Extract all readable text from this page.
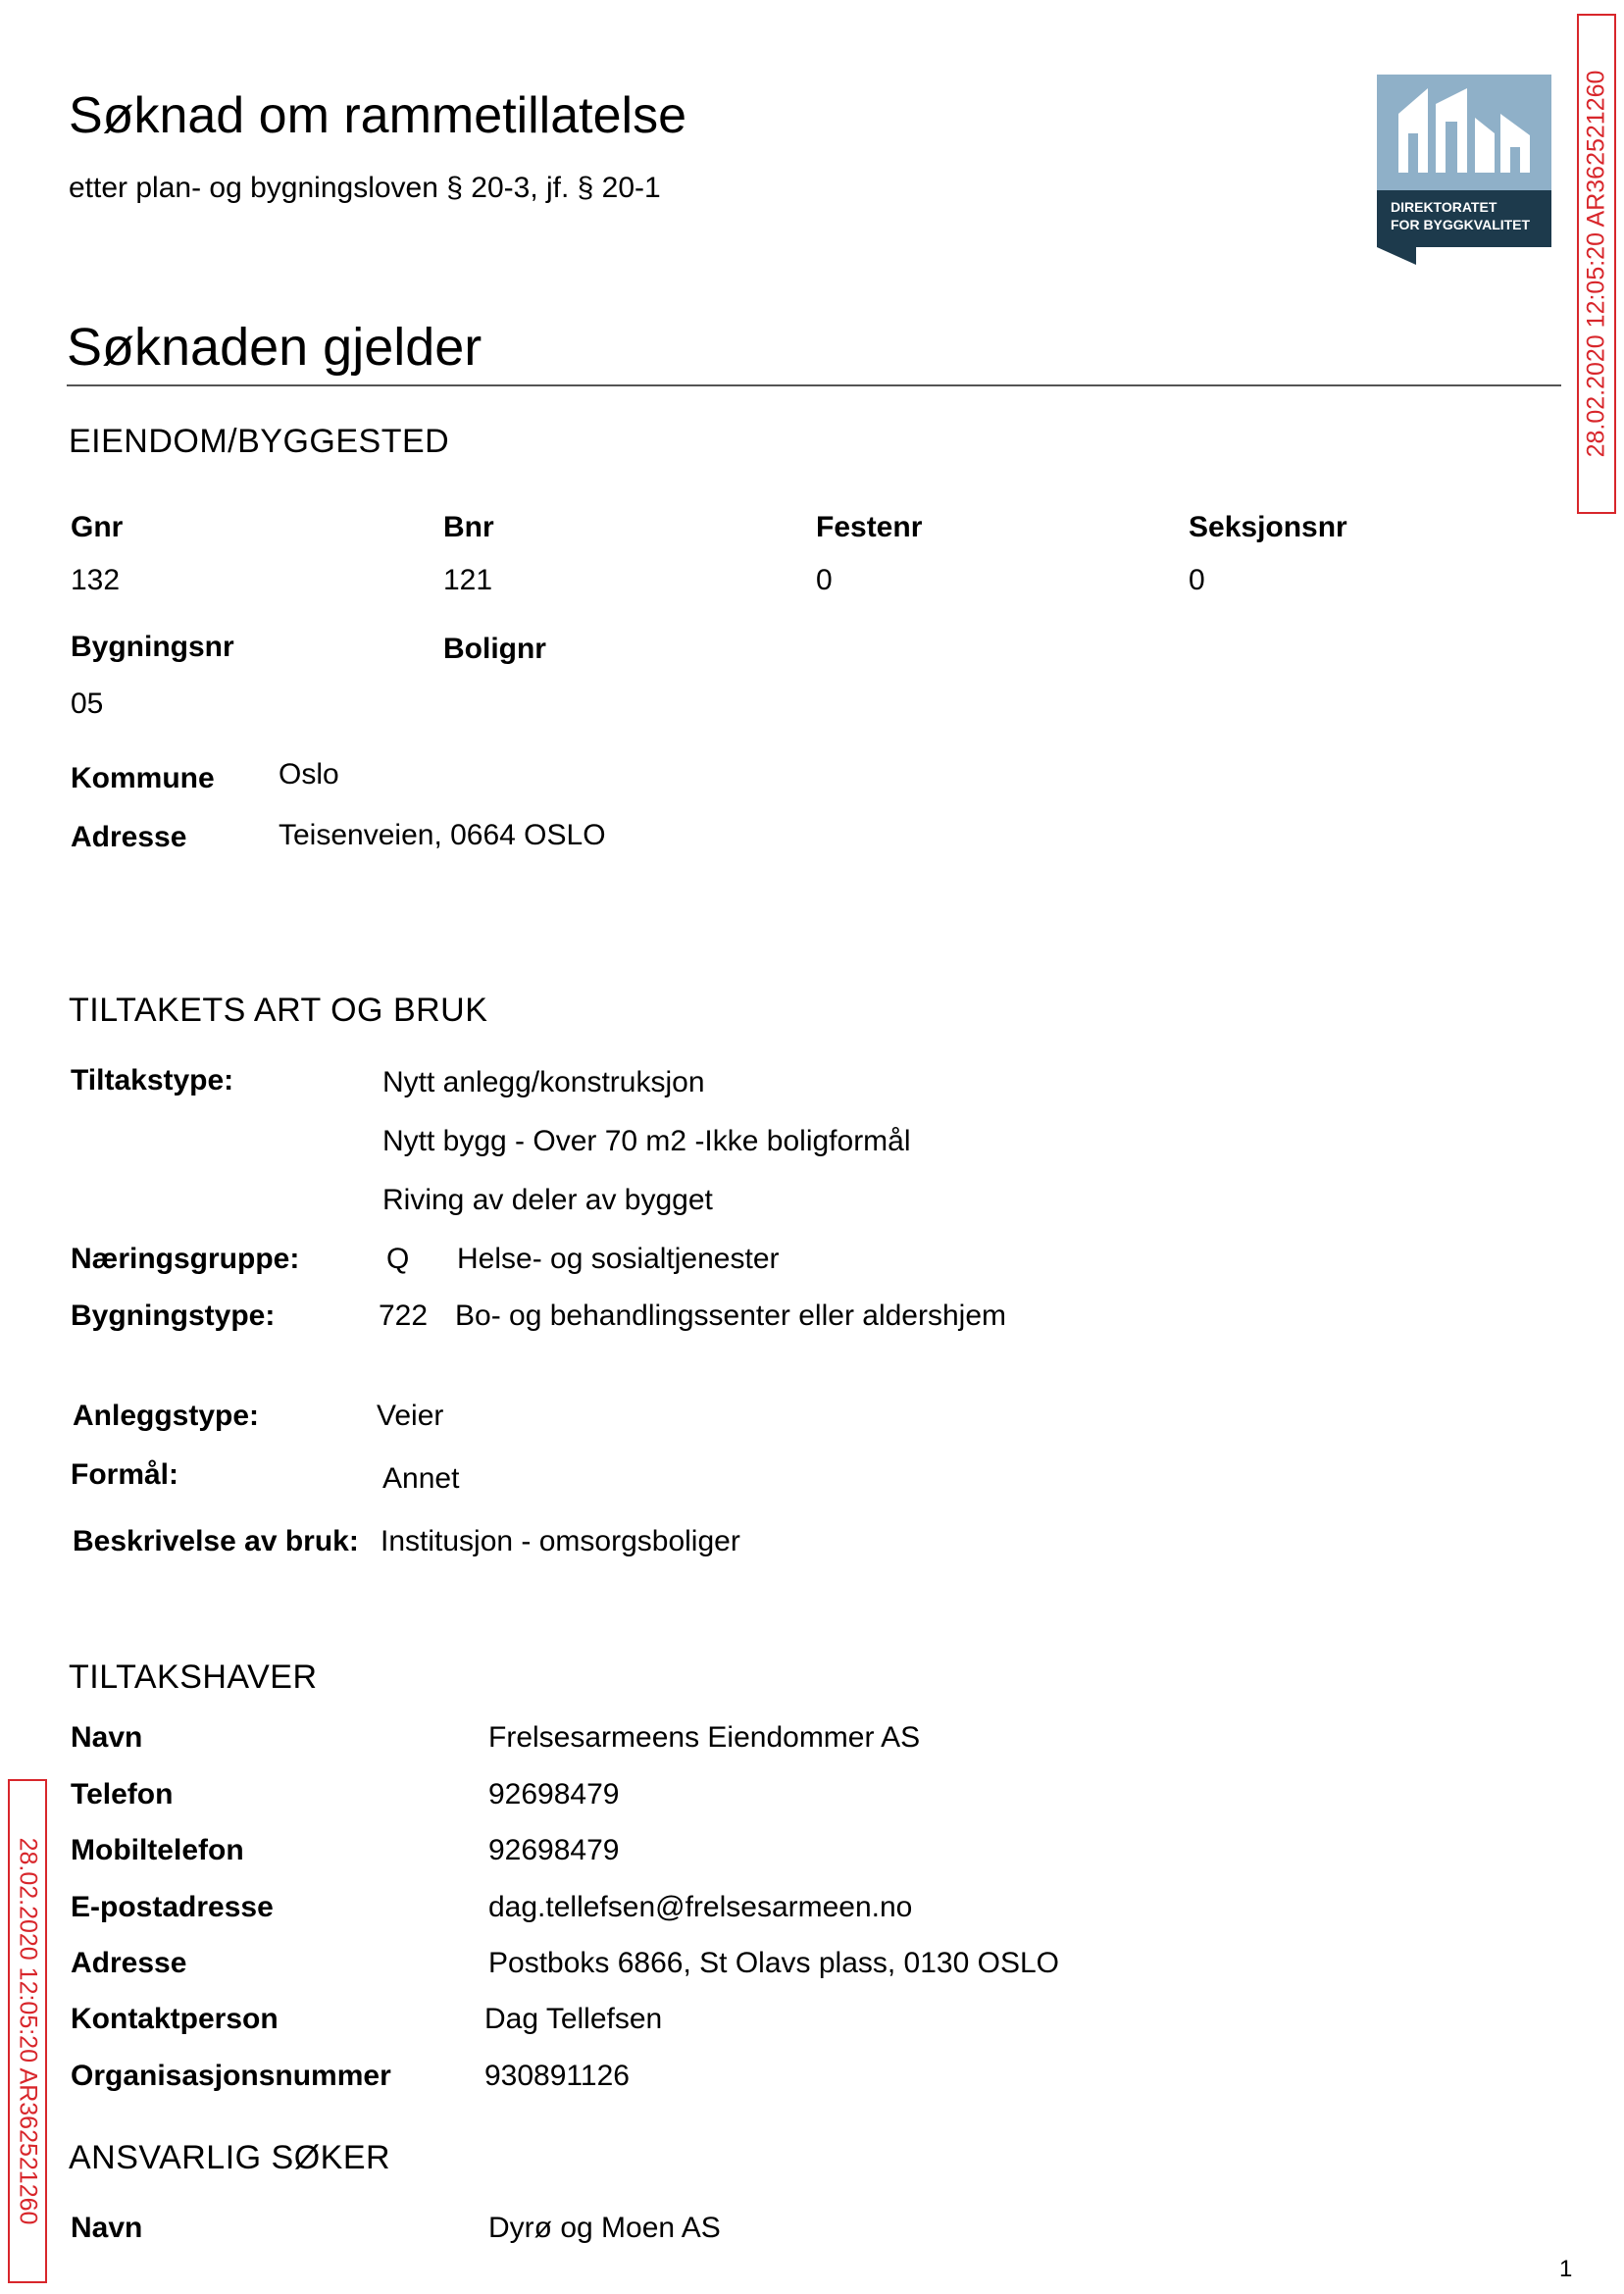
Søknad om rammetillatelse
etter plan- og bygningsloven § 20-3, jf. § 20-1
DIREKTORATET
FOR BYGGKVALITET 28.02.2020 12:05:20 AR362521260
28.02.2020 12:05:20 AR362521260
Søknaden gjelder
EIENDOM/BYGGESTED
Gnr	Bnr	Festenr	Seksjonsnr
132	121	0	0
Bygningsnr	Bolignr
05
Kommune Oslo
Adresse	Teisenveien, 0664 OSLO
TILTAKETS ART OG BRUK
Tiltakstype:	Nytt anlegg/konstruksjon
Nytt bygg - Over 70 m2 -Ikke boligformål
Riving av deler av bygget
Næringsgruppe:	Q Helse- og sosialtjenester
Bygningstype:	722 Bo- og behandlingssenter eller aldershjem
Anleggstype:	Veier
Formål:	Annet
Beskrivelse av bruk: Institusjon - omsorgsboliger
TILTAKSHAVER
Navn	Frelsesarmeens Eiendommer AS
Telefon	92698479
Mobiltelefon	92698479
E-postadresse	dag.tellefsen@frelsesarmeen.no
Adresse	Postboks 6866, St Olavs plass, 0130 OSLO
Kontaktperson	Dag Tellefsen
Organisasjonsnummer	930891126
ANSVARLIG SØKER
Navn	Dyrø og Moen AS
1
